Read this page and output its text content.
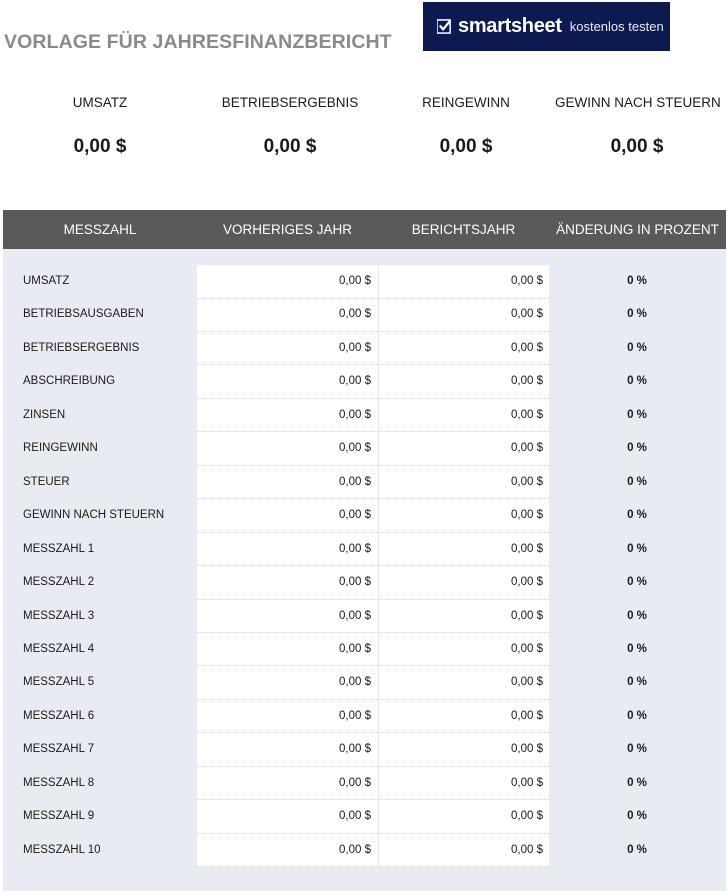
VORLAGE FÜR JAHRESFINANZBERICHT
smartsheet kostenlos testen
UMSATZ
0,00 $
BETRIEBSERGEBNIS
0,00 $
REINGEWINN
0,00 $
GEWINN NACH STEUERN
0,00 $
MESSZAHL	VORHERIGES JAHR	BERICHTSJAHR	ÄNDERUNG IN PROZENT
UMSATZ	0,00 $	0,00 $	0 %
BETRIEBSAUSGABEN	0,00 $	0,00 $	0 %
BETRIEBSERGEBNIS	0,00 $	0,00 $	0 %
ABSCHREIBUNG	0,00 $	0,00 $	0 %
ZINSEN	0,00 $	0,00 $	0 %
REINGEWINN	0,00 $	0,00 $	0 %
STEUER	0,00 $	0,00 $	0 %
GEWINN NACH STEUERN	0,00 $	0,00 $	0 %
MESSZAHL 1	0,00 $	0,00 $	0 %
MESSZAHL 2	0,00 $	0,00 $	0 %
MESSZAHL 3	0,00 $	0,00 $	0 %
MESSZAHL 4	0,00 $	0,00 $	0 %
MESSZAHL 5	0,00 $	0,00 $	0 %
MESSZAHL 6	0,00 $	0,00 $	0 %
MESSZAHL 7	0,00 $	0,00 $	0 %
MESSZAHL 8	0,00 $	0,00 $	0 %
MESSZAHL 9	0,00 $	0,00 $	0 %
MESSZAHL 10	0,00 $	0,00 $	0 %
